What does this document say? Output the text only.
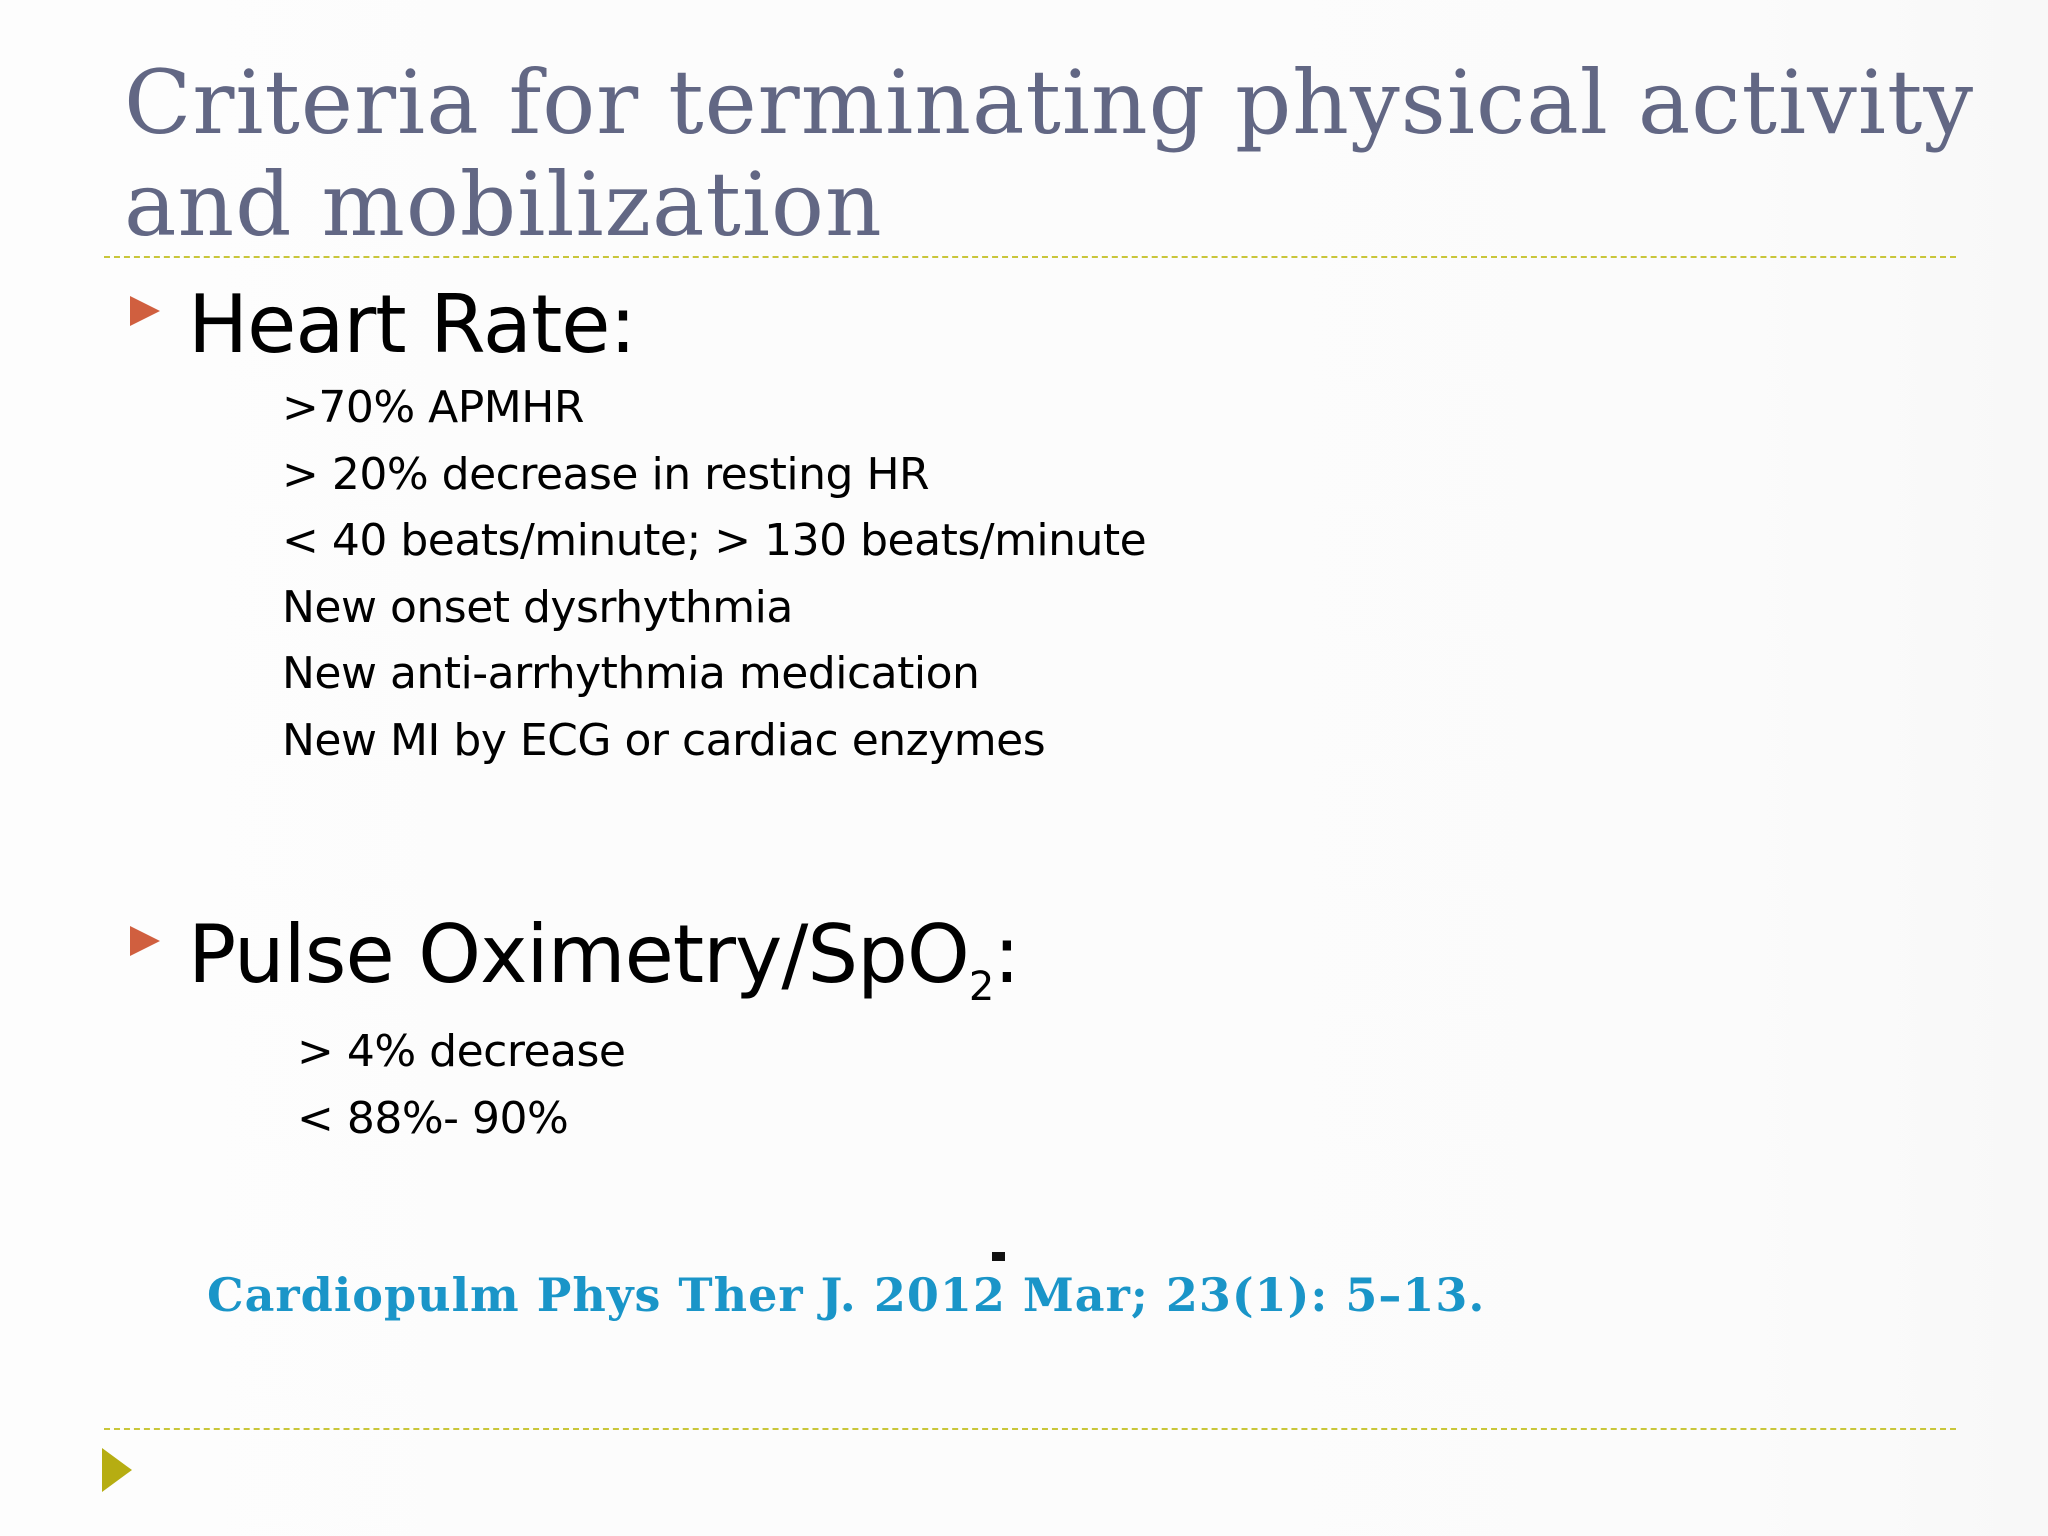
Criteria for terminating physical activity and mobilization
Heart Rate:
>70% APMHR
> 20% decrease in resting HR
< 40 beats/minute; > 130 beats/minute
New onset dysrhythmia
New anti-arrhythmia medication
New MI by ECG or cardiac enzymes
Pulse Oximetry/SpO$_2$:
> 4% decrease
< 88%- 90%
Cardiopulm Phys Ther J. 2012 Mar; 23(1): 5–13.
